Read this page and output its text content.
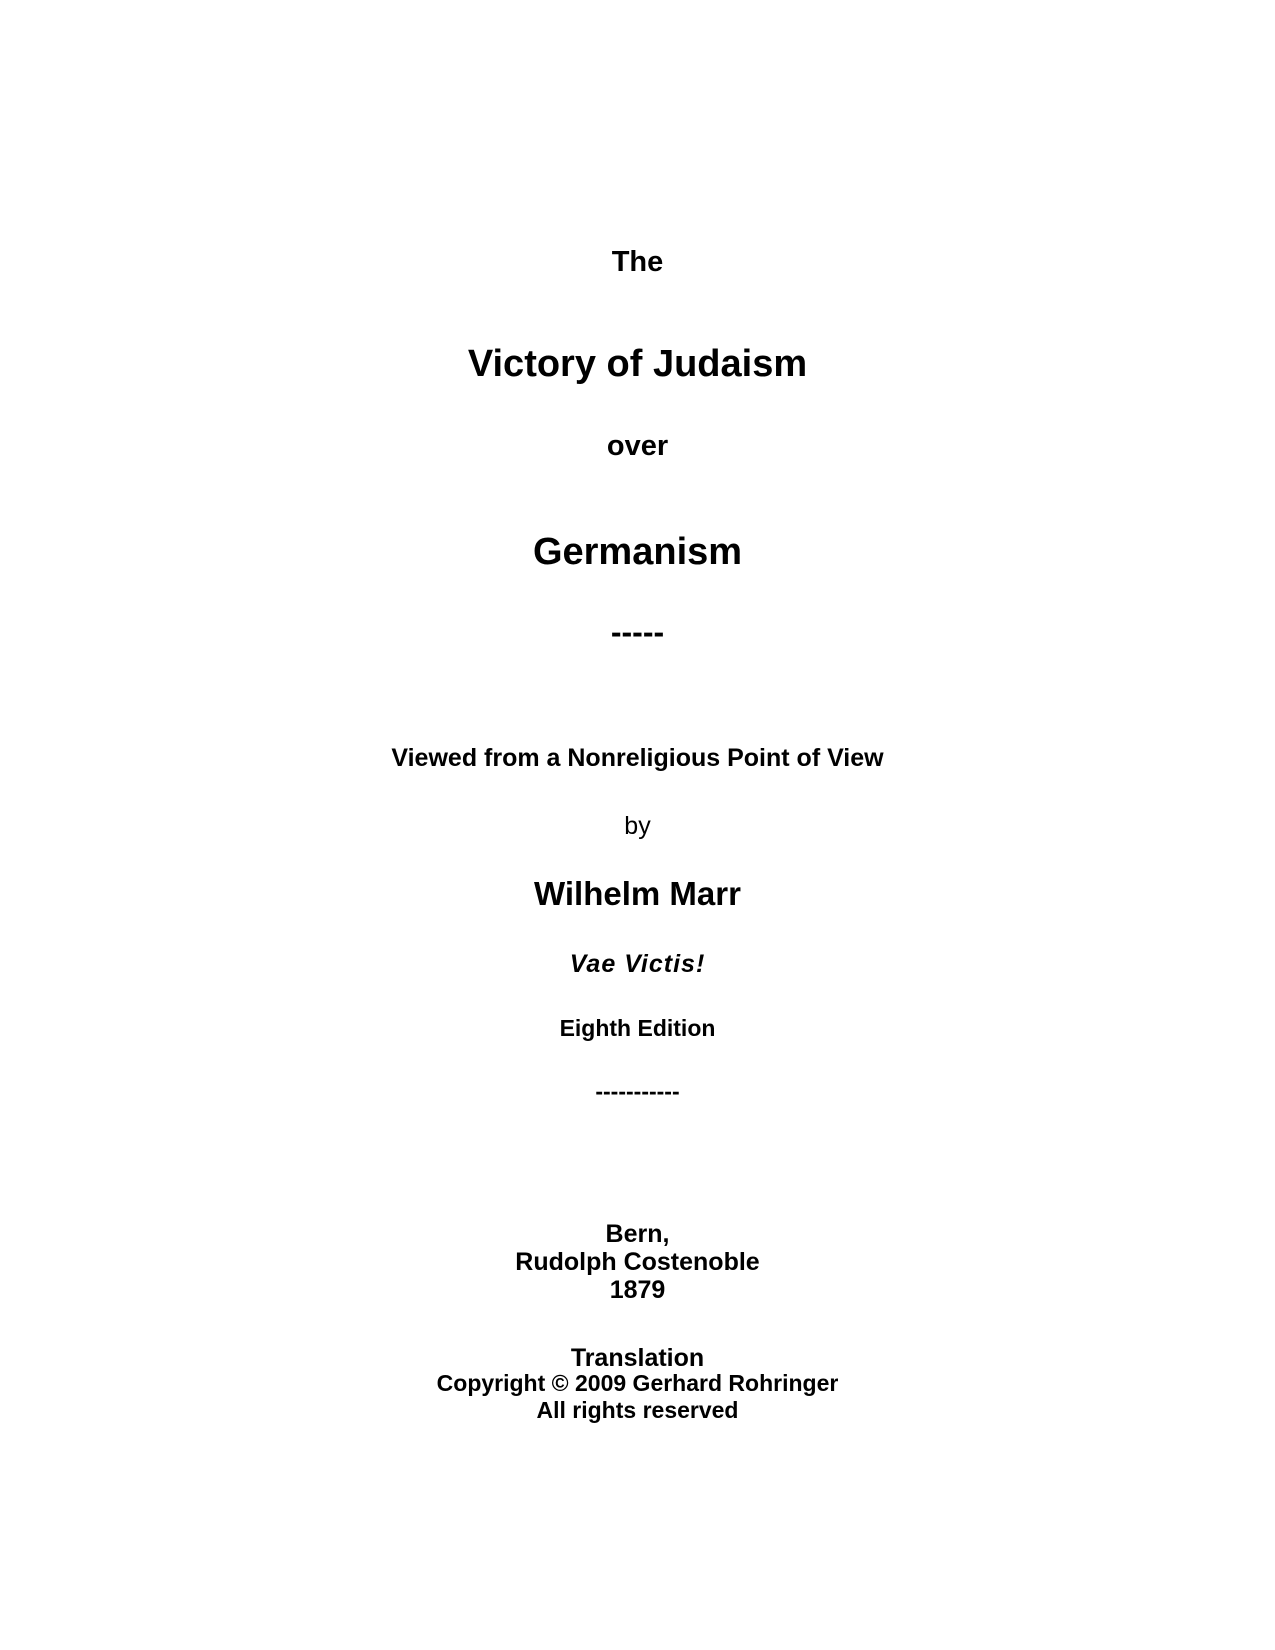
The
Victory of Judaism
over
Germanism
-----
Viewed from a Nonreligious Point of View
by
Wilhelm Marr
Vae Victis!
Eighth Edition
-----------
Bern,
Rudolph Costenoble
1879
Translation
Copyright © 2009 Gerhard Rohringer
All rights reserved
